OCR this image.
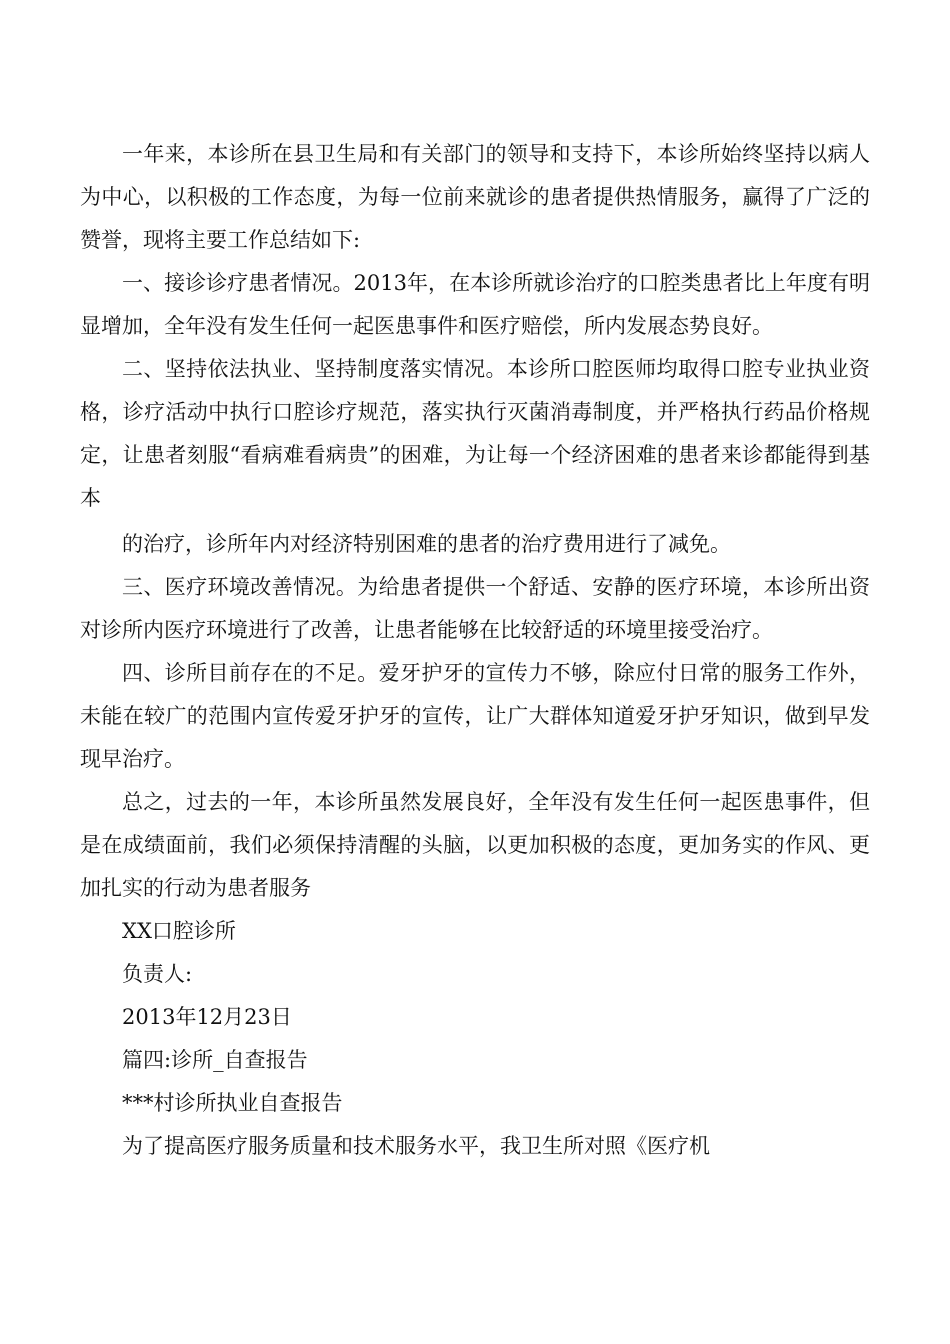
一年来，本诊所在县卫生局和有关部门的领导和支持下，本诊所始终坚持以病人为中心，以积极的工作态度，为每一位前来就诊的患者提供热情服务，赢得了广泛的赞誉，现将主要工作总结如下:

一、接诊诊疗患者情况。2013年，在本诊所就诊治疗的口腔类患者比上年度有明显增加，全年没有发生任何一起医患事件和医疗赔偿，所内发展态势良好。

二、坚持依法执业、坚持制度落实情况。本诊所口腔医师均取得口腔专业执业资格，诊疗活动中执行口腔诊疗规范，落实执行灭菌消毒制度，并严格执行药品价格规定，让患者刻服“看病难看病贵”的困难，为让每一个经济困难的患者来诊都能得到基本

的治疗，诊所年内对经济特别困难的患者的治疗费用进行了减免。

三、医疗环境改善情况。为给患者提供一个舒适、安静的医疗环境，本诊所出资对诊所内医疗环境进行了改善，让患者能够在比较舒适的环境里接受治疗。

四、诊所目前存在的不足。爱牙护牙的宣传力不够，除应付日常的服务工作外，未能在较广的范围内宣传爱牙护牙的宣传，让广大群体知道爱牙护牙知识，做到早发现早治疗。

总之，过去的一年，本诊所虽然发展良好，全年没有发生任何一起医患事件，但是在成绩面前，我们必须保持清醒的头脑，以更加积极的态度，更加务实的作风、更加扎实的行动为患者服务

XX口腔诊所

负责人:

2013年12月23日

篇四:诊所_自查报告

***村诊所执业自查报告

为了提高医疗服务质量和技术服务水平，我卫生所对照《医疗机
